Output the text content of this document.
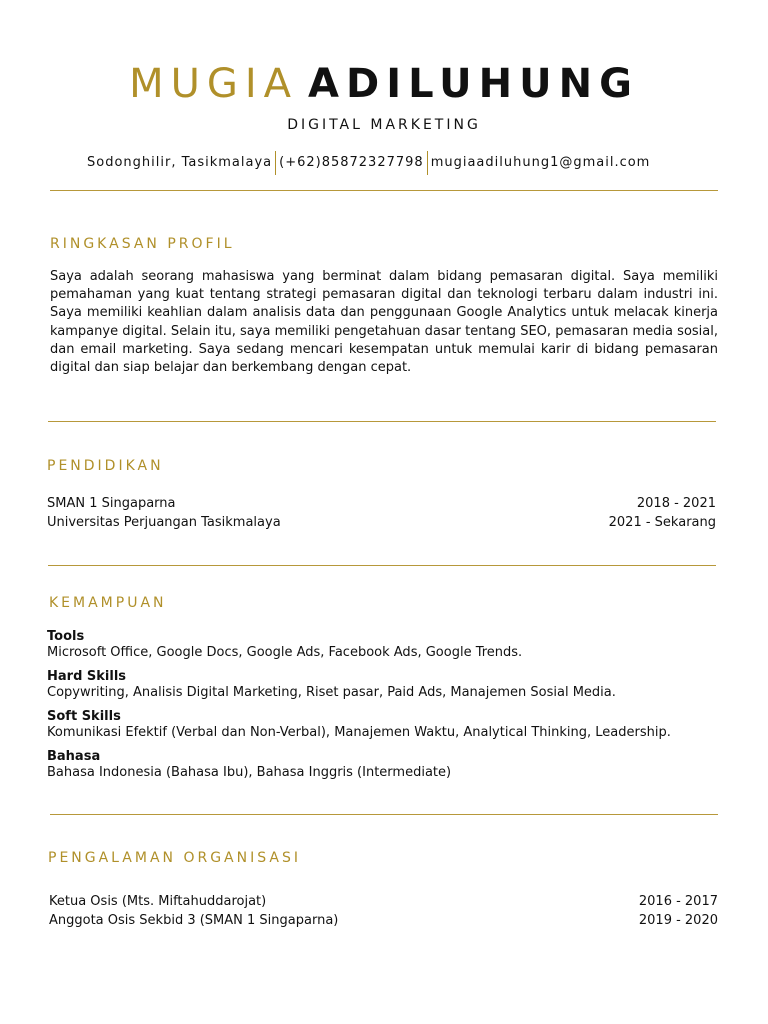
MUGIA ADILUHUNG
DIGITAL MARKETING
Sodonghilir, Tasikmalaya (+62)85872327798 mugiaadiluhung1@gmail.com
RINGKASAN PROFIL
Saya adalah seorang mahasiswa yang berminat dalam bidang pemasaran digital. Saya memiliki pemahaman yang kuat tentang strategi pemasaran digital dan teknologi terbaru dalam industri ini. Saya memiliki keahlian dalam analisis data dan penggunaan Google Analytics untuk melacak kinerja kampanye digital. Selain itu, saya memiliki pengetahuan dasar tentang SEO, pemasaran media sosial, dan email marketing. Saya sedang mencari kesempatan untuk memulai karir di bidang pemasaran digital dan siap belajar dan berkembang dengan cepat.
PENDIDIKAN
SMAN 1 Singaparna	2018 - 2021
Universitas Perjuangan Tasikmalaya	2021 - Sekarang
KEMAMPUAN
Tools
Microsoft Office, Google Docs, Google Ads, Facebook Ads, Google Trends.
Hard Skills
Copywriting, Analisis Digital Marketing, Riset pasar, Paid Ads, Manajemen Sosial Media.
Soft Skills
Komunikasi Efektif (Verbal dan Non-Verbal), Manajemen Waktu, Analytical Thinking, Leadership.
Bahasa
Bahasa Indonesia (Bahasa Ibu), Bahasa Inggris (Intermediate)
PENGALAMAN ORGANISASI
Ketua Osis (Mts. Miftahuddarojat)	2016 - 2017
Anggota Osis Sekbid 3 (SMAN 1 Singaparna)	2019 - 2020
